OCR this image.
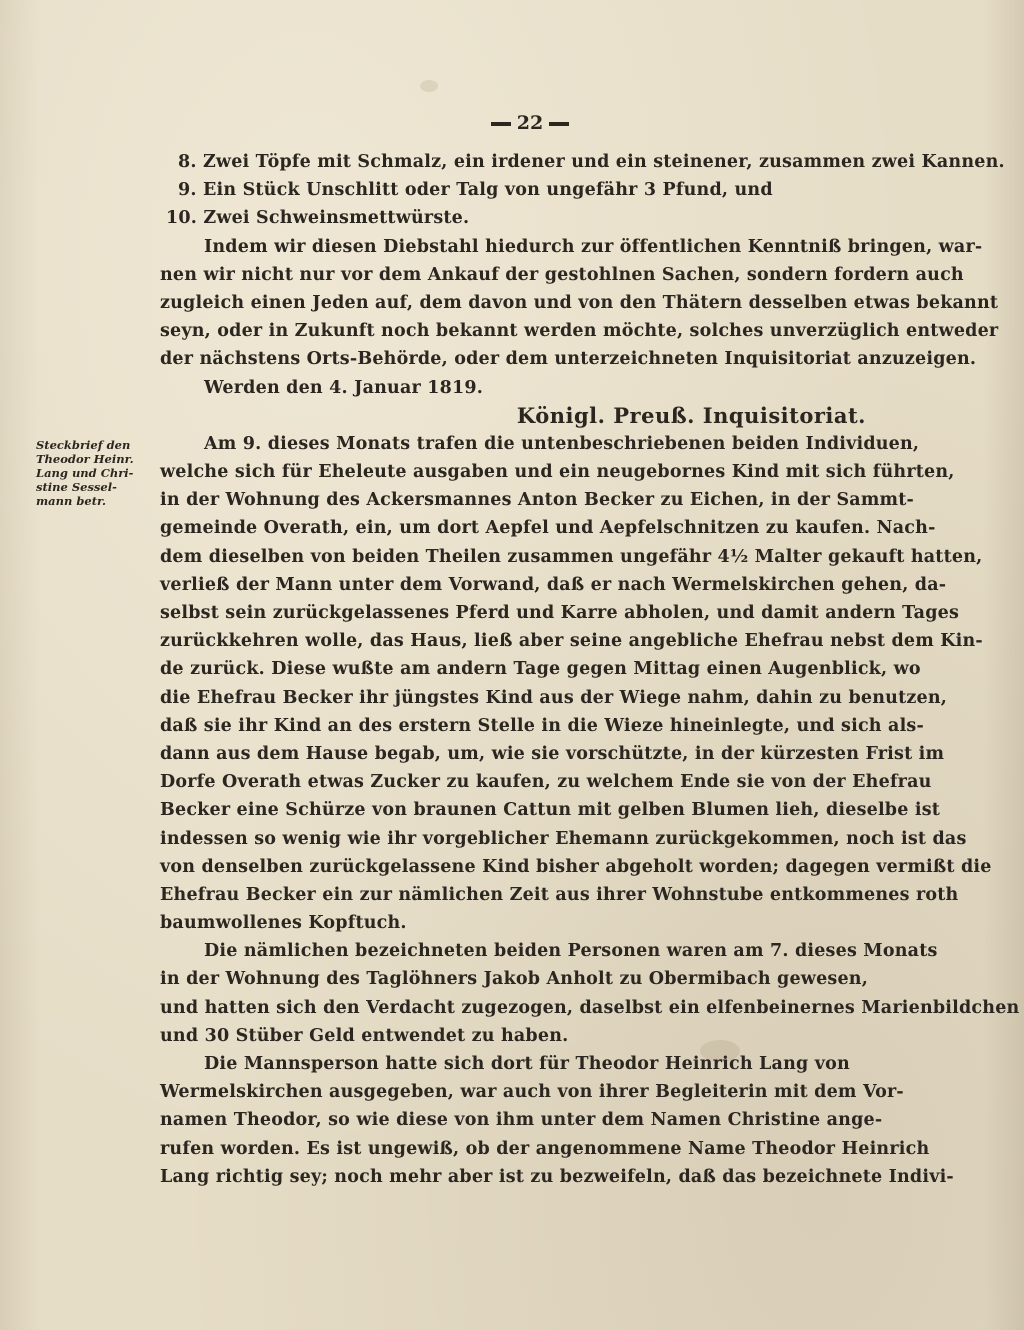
22
Steckbrief den
Theodor Heinr.
Lang und Chri-
stine Sessel-
mann betr.
8. Zwei Töpfe mit Schmalz, ein irdener und ein steinener, zusammen zwei Kannen.
9. Ein Stück Unschlitt oder Talg von ungefähr 3 Pfund, und
10. Zwei Schweinsmettwürste.
Indem wir diesen Diebstahl hiedurch zur öffentlichen Kenntniß bringen, war-
nen wir nicht nur vor dem Ankauf der gestohlnen Sachen, sondern fordern auch
zugleich einen Jeden auf, dem davon und von den Thätern desselben etwas bekannt
seyn, oder in Zukunft noch bekannt werden möchte, solches unverzüglich entweder
der nächstens Orts-Behörde, oder dem unterzeichneten Inquisitoriat anzuzeigen.
Werden den 4. Januar 1819.
Königl. Preuß. Inquisitoriat.
Am 9. dieses Monats trafen die untenbeschriebenen beiden Individuen,
welche sich für Eheleute ausgaben und ein neugebornes Kind mit sich führten,
in der Wohnung des Ackersmannes Anton Becker zu Eichen, in der Sammt-
gemeinde Overath, ein, um dort Aepfel und Aepfelschnitzen zu kaufen. Nach-
dem dieselben von beiden Theilen zusammen ungefähr 4½ Malter gekauft hatten,
verließ der Mann unter dem Vorwand, daß er nach Wermelskirchen gehen, da-
selbst sein zurückgelassenes Pferd und Karre abholen, und damit andern Tages
zurückkehren wolle, das Haus, ließ aber seine angebliche Ehefrau nebst dem Kin-
de zurück. Diese wußte am andern Tage gegen Mittag einen Augenblick, wo
die Ehefrau Becker ihr jüngstes Kind aus der Wiege nahm, dahin zu benutzen,
daß sie ihr Kind an des erstern Stelle in die Wieze hineinlegte, und sich als-
dann aus dem Hause begab, um, wie sie vorschützte, in der kürzesten Frist im
Dorfe Overath etwas Zucker zu kaufen, zu welchem Ende sie von der Ehefrau
Becker eine Schürze von braunen Cattun mit gelben Blumen lieh, dieselbe ist
indessen so wenig wie ihr vorgeblicher Ehemann zurückgekommen, noch ist das
von denselben zurückgelassene Kind bisher abgeholt worden; dagegen vermißt die
Ehefrau Becker ein zur nämlichen Zeit aus ihrer Wohnstube entkommenes roth
baumwollenes Kopftuch.
Die nämlichen bezeichneten beiden Personen waren am 7. dieses Monats
in der Wohnung des Taglöhners Jakob Anholt zu Obermibach gewesen,
und hatten sich den Verdacht zugezogen, daselbst ein elfenbeinernes Marienbildchen
und 30 Stüber Geld entwendet zu haben.
Die Mannsperson hatte sich dort für Theodor Heinrich Lang von
Wermelskirchen ausgegeben, war auch von ihrer Begleiterin mit dem Vor-
namen Theodor, so wie diese von ihm unter dem Namen Christine ange-
rufen worden. Es ist ungewiß, ob der angenommene Name Theodor Heinrich
Lang richtig sey; noch mehr aber ist zu bezweifeln, daß das bezeichnete Indivi-
